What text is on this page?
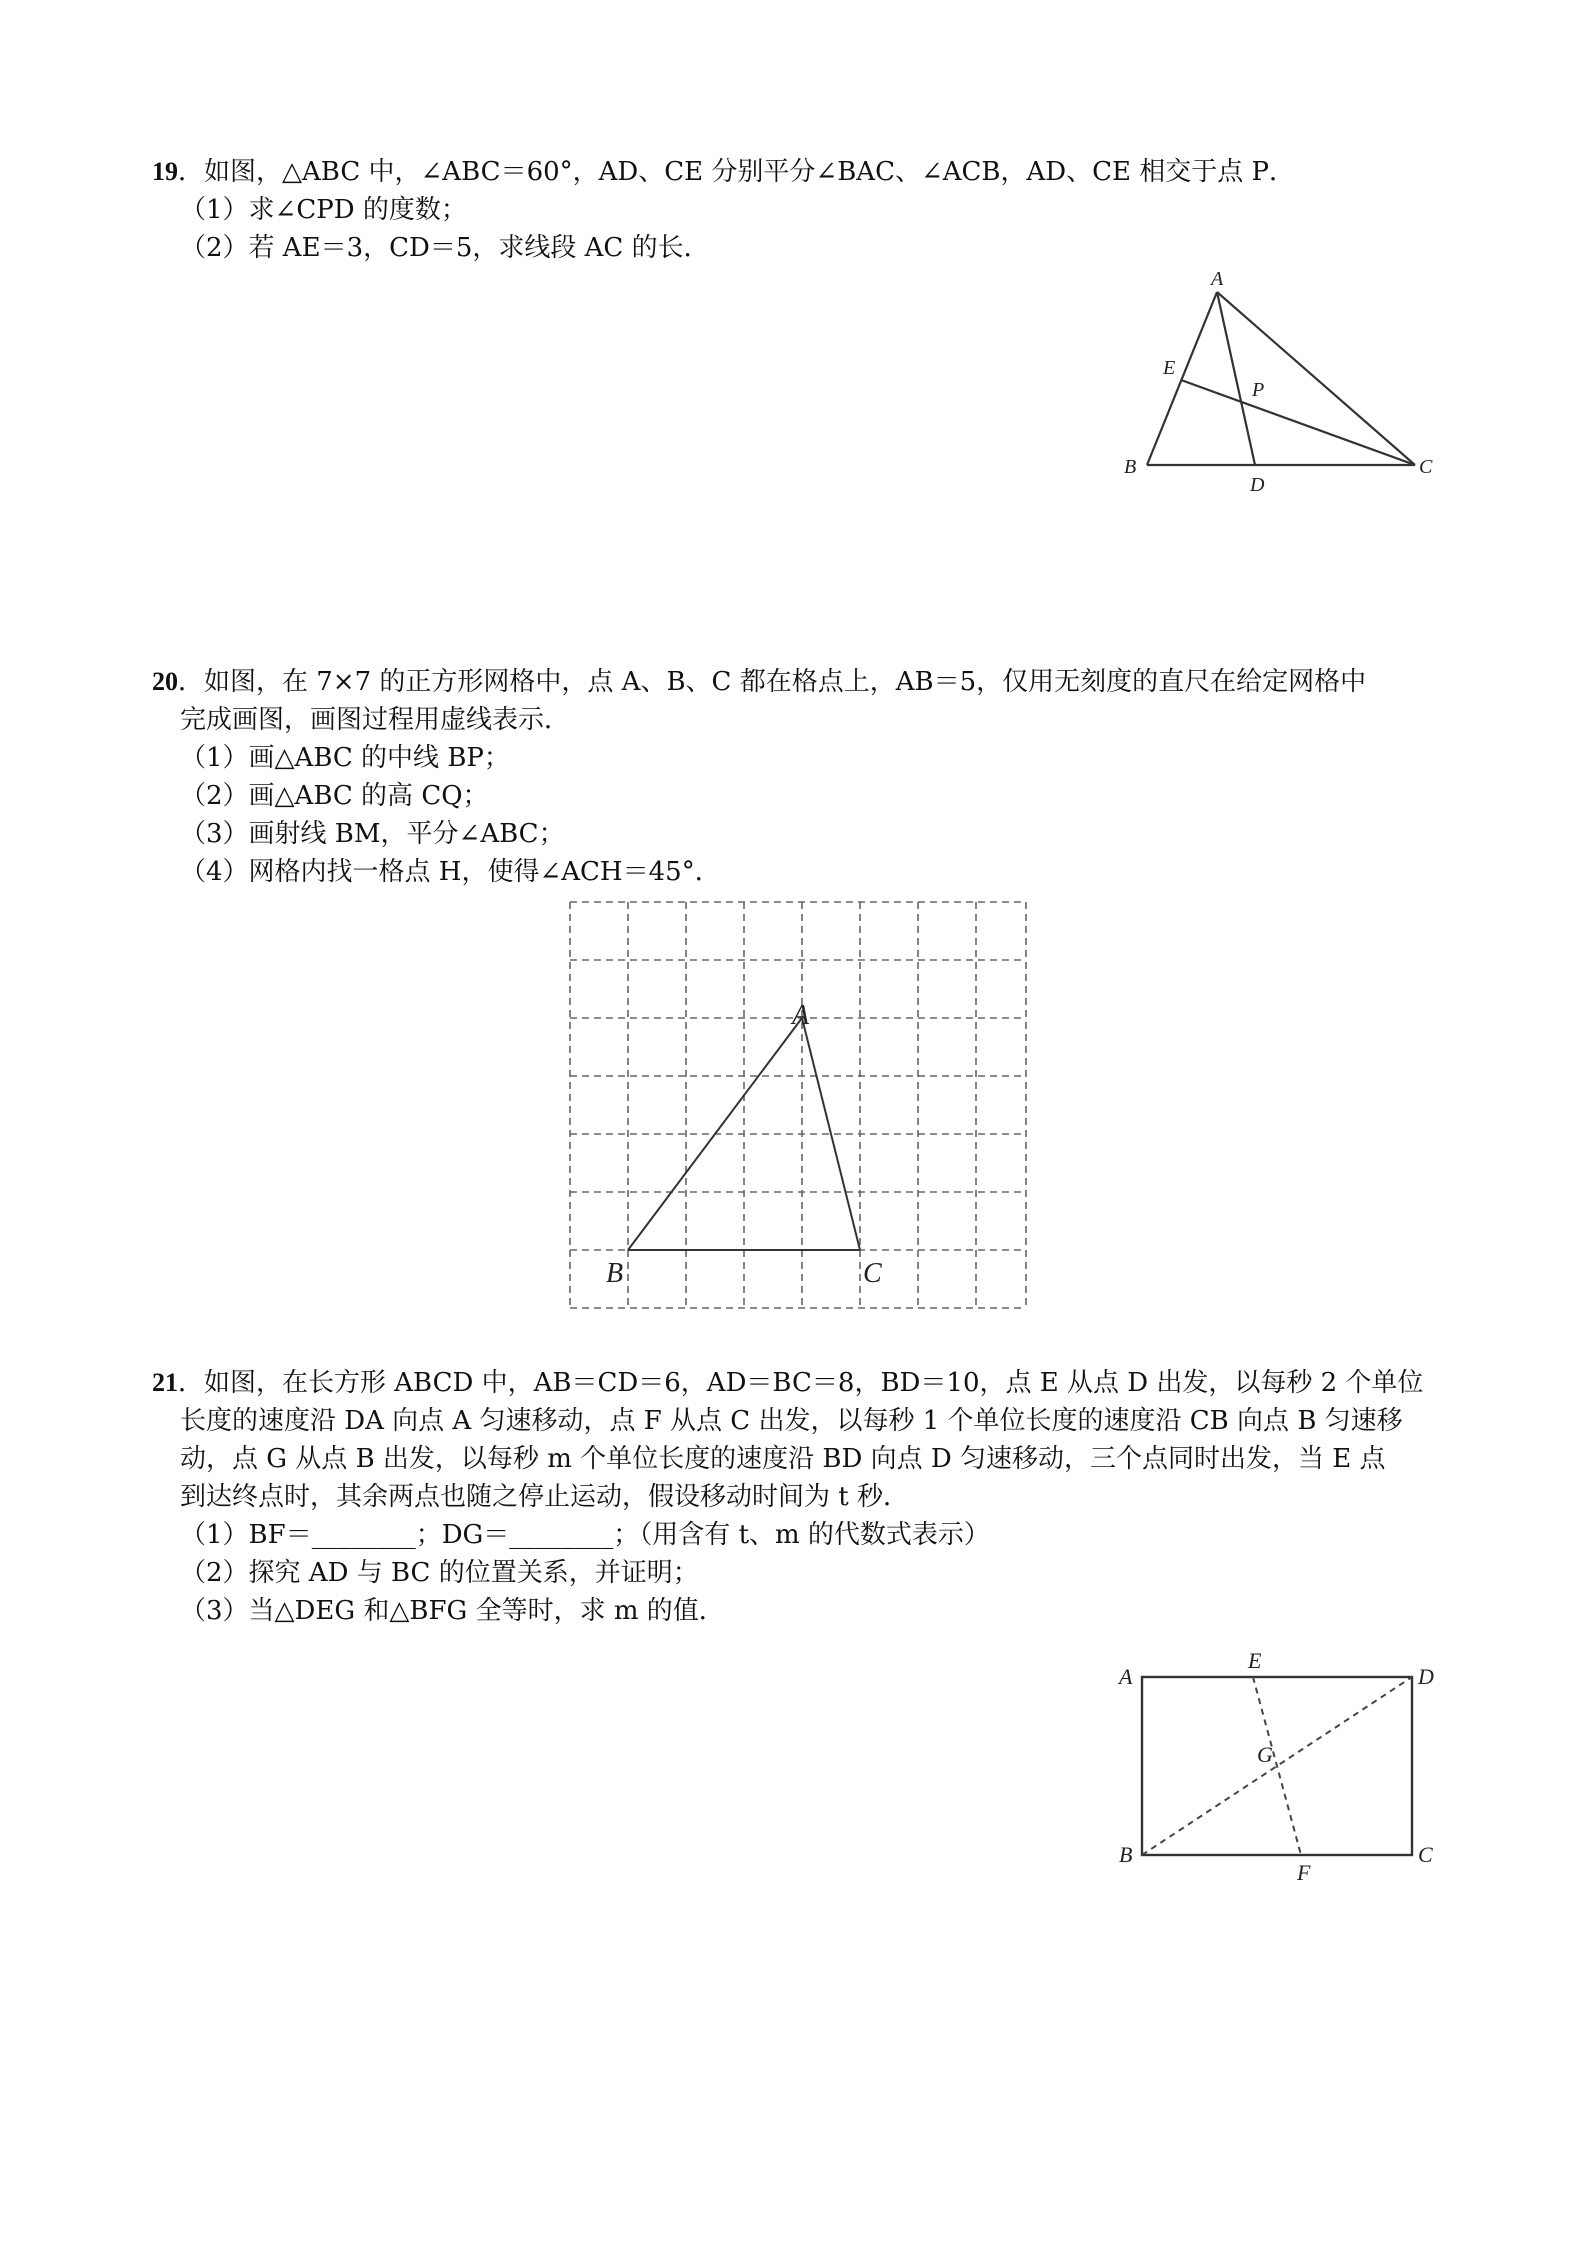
19．如图，△ABC 中，∠ABC＝60°，AD、CE 分别平分∠BAC、∠ACB，AD、CE 相交于点 P．
（1）求∠CPD 的度数；
（2）若 AE＝3，CD＝5，求线段 AC 的长．
A
B	C
D
E
P
20．如图，在 7×7 的正方形网格中，点 A、B、C 都在格点上，AB＝5，仅用无刻度的直尺在给定网格中
完成画图，画图过程用虚线表示．
（1）画△ABC 的中线 BP；
（2）画△ABC 的高 CQ；
（3）画射线 BM，平分∠ABC；
（4）网格内找一格点 H，使得∠ACH＝45°．
A
B	C
21．如图，在长方形 ABCD 中，AB＝CD＝6，AD＝BC＝8，BD＝10，点 E 从点 D 出发，以每秒 2 个单位
长度的速度沿 DA 向点 A 匀速移动，点 F 从点 C 出发，以每秒 1 个单位长度的速度沿 CB 向点 B 匀速移
动，点 G 从点 B 出发，以每秒 m 个单位长度的速度沿 BD 向点 D 匀速移动，三个点同时出发，当 E 点
到达终点时，其余两点也随之停止运动，假设移动时间为 t 秒．
（1）BF＝________；DG＝________；（用含有 t、m 的代数式表示）
（2）探究 AD 与 BC 的位置关系，并证明；
（3）当△DEG 和△BFG 全等时，求 m 的值．
A	D
E
G
B	C
F
